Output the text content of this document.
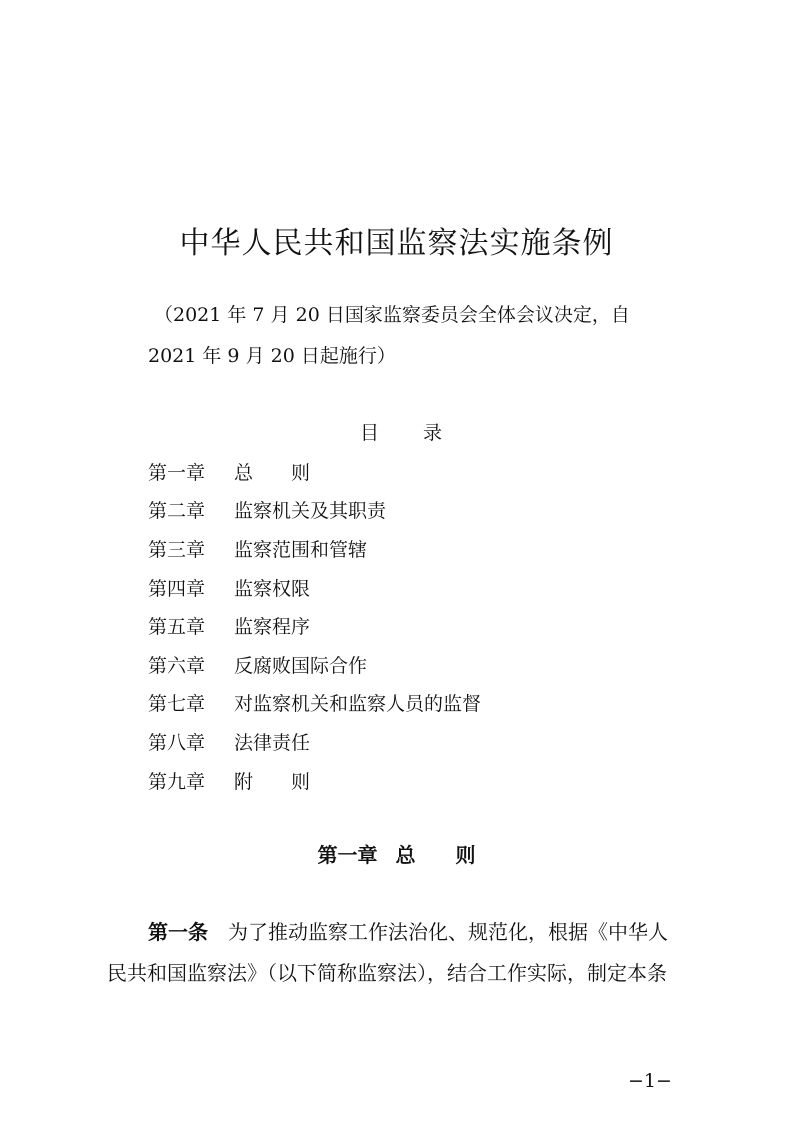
中华人民共和国监察法实施条例
（2021 年 7 月 20 日国家监察委员会全体会议决定，自
2021 年 9 月 20 日起施行）
目 录
第一章	总　　则
第二章	监察机关及其职责
第三章	监察范围和管辖
第四章	监察权限
第五章	监察程序
第六章	反腐败国际合作
第七章	对监察机关和监察人员的监督
第八章	法律责任
第九章	附　　则
第一章 总　　则
第一条 为了推动监察工作法治化、规范化，根据《中华人
民共和国监察法》（以下简称监察法），结合工作实际，制定本条
−1−
